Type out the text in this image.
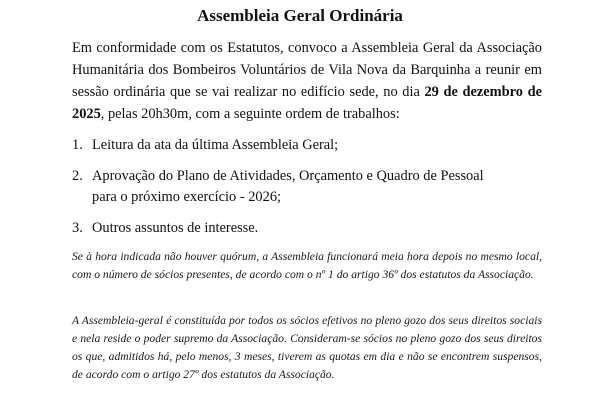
Assembleia Geral Ordinária

Em conformidade com os Estatutos, convoco a Assembleia Geral da Associação Humanitária dos Bombeiros Voluntários de Vila Nova da Barquinha a reunir em sessão ordinária que se vai realizar no edifício sede, no dia 29 de dezembro de 2025, pelas 20h30m, com a seguinte ordem de trabalhos:

1. Leitura da ata da última Assembleia Geral;
2. Aprovação do Plano de Atividades, Orçamento e Quadro de Pessoal
para o próximo exercício - 2026;
3. Outros assuntos de interesse.

Se à hora indicada não houver quórum, a Assembleia funcionará meia hora depois no mesmo local, com o número de sócios presentes, de acordo com o nº 1 do artigo 36º dos estatutos da Associação.

A Assembleia-geral é constituída por todos os sócios efetivos no pleno gozo dos seus direitos sociais e nela reside o poder supremo da Associação. Consideram-se sócios no pleno gozo dos seus direitos os que, admitidos há, pelo menos, 3 meses, tiverem as quotas em dia e não se encontrem suspensos, de acordo com o artigo 27º dos estatutos da Associação.
